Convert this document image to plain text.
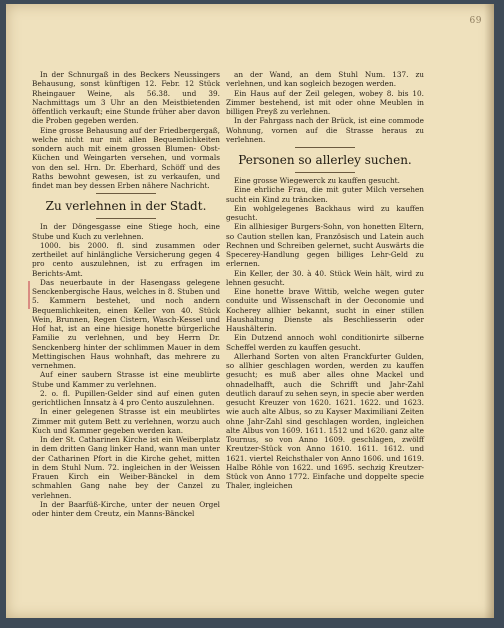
69

In der Schnurgaß in des Beckers Neussingers Behausung, sonst künftigen 12. Febr. 12 Stück Rheingauer Weine, als 56.38. und 39. Nachmittags um 3 Uhr an den Meistbietenden öffentlich verkauft; eine Stunde früher aber davon die Proben gegeben werden.

Eine grosse Behausung auf der Friedbergergaß, welche nicht nur mit allen Bequemlichkeiten sondern auch mit einem grossen Blumen- Obst- Küchen und Weingarten versehen, und vormals von den sel. Hrn. Dr. Eberhard, Schöff und des Raths bewohnt gewesen, ist zu verkaufen, und findet man bey dessen Erben nähere Nachricht.

Zu verlehnen in der Stadt.

In der Döngesgasse eine Stiege hoch, eine Stube und Kuch zu verlehnen.

1000. bis 2000. fl. sind zusammen oder zertheilet auf hinlängliche Versicherung gegen 4 pro cento auszulehnen, ist zu erfragen im Berichts-Amt.

Das neuerbaute in der Hasengass gelegene Senckenbergische Haus, welches in 8. Stuben und 5. Kammern bestehet, und noch andern Bequemlichkeiten, einen Keller von 40. Stück Wein, Brunnen, Regen Cistern, Wasch-Kessel und Hof hat, ist an eine hiesige honette bürgerliche Familie zu verlehnen, und bey Herrn Dr. Senckenberg hinter der schlimmen Mauer in dem Mettingischen Haus wohnhaft, das mehrere zu vernehmen.

Auf einer saubern Strasse ist eine meublirte Stube und Kammer zu verlehnen.

2. o. fl. Pupillen-Gelder sind auf einen guten gerichtlichen Innsatz à 4 pro Cento auszulehnen.

In einer gelegenen Strasse ist ein meublirtes Zimmer mit gutem Bett zu verlehnen, worzu auch Kuch und Kammer gegeben werden kan.

In der St. Catharinen Kirche ist ein Weiberplatz in dem dritten Gang linker Hand, wann man unter der Catharinen Pfort in die Kirche gehet, mitten in dem Stuhl Num. 72. ingleichen in der Weissen Frauen Kirch ein Weiber-Bänckel in dem schmahlen Gang nahe bey der Canzel zu verlehnen.

In der Baarfüß-Kirche, unter der neuen Orgel oder hinter dem Creutz, ein Manns-Bänckel

an der Wand, an dem Stuhl Num. 137. zu verlehnen, und kan sogleich bezogen werden.

Ein Haus auf der Zeil gelegen, wobey 8. bis 10. Zimmer bestehend, ist mit oder ohne Meublen in billigen Preyß zu verlehnen.

In der Fahrgass nach der Brück, ist eine commode Wohnung, vornen auf die Strasse heraus zu verlehnen.

Personen so allerley suchen.

Eine grosse Wiegewerck zu kauffen gesucht.

Eine ehrliche Frau, die mit guter Milch versehen sucht ein Kind zu träncken.

Ein wohlgelegenes Backhaus wird zu kauffen gesucht.

Ein allhiesiger Burgers-Sohn, von honetten Eltern, so Caution stellen kan, Französisch und Latein auch Rechnen und Schreiben gelernet, sucht Auswärts die Specerey-Handlung gegen billiges Lehr-Geld zu erlernen.

Ein Keller, der 30. à 40. Stück Wein hält, wird zu lehnen gesucht.

Eine honette brave Wittib, welche wegen guter conduite und Wissenschaft in der Oeconomie und Kocherey allhier bekannt, sucht in einer stillen Haushaltung Dienste als Beschliesserin oder Haushälterin.

Ein Dutzend annoch wohl conditionirte silberne Scheffel werden zu kauffen gesucht.

Allerhand Sorten von alten Franckfurter Gulden, so allhier geschlagen worden, werden zu kauffen gesucht; es muß aber alles ohne Mackel und ohnadelhafft, auch die Schrifft und Jahr-Zahl deutlich darauf zu sehen seyn, in specie aber werden gesucht Kreuzer von 1620. 1621. 1622. und 1623. wie auch alte Albus, so zu Kayser Maximiliani Zeiten ohne Jahr-Zahl sind geschlagen worden, ingleichen alte Albus von 1609. 1611. 1512 und 1620. ganz alte Tournus, so von Anno 1609. geschlagen, zwölff Kreutzer-Stück von Anno 1610. 1611. 1612. und 1621. viertel Reichsthaler von Anno 1606. und 1619. Halbe Röhle von 1622. und 1695. sechzig Kreutzer-Stück von Anno 1772. Einfache und doppelte specie Thaler, ingleichen
